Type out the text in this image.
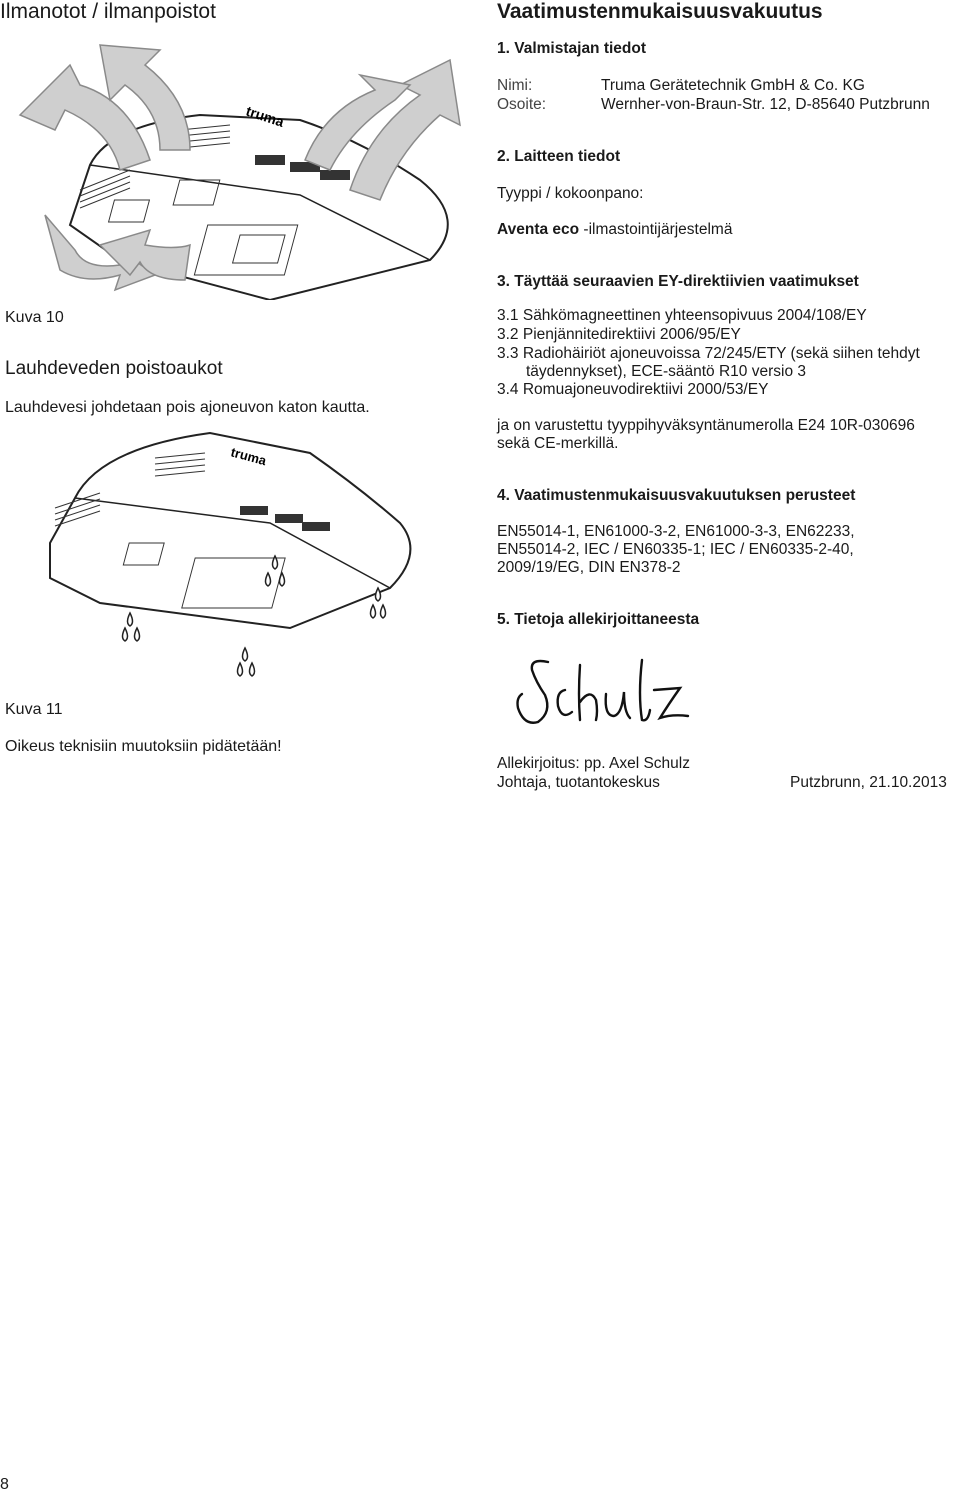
Ilmanotot / ilmanpoistot	Vaatimustenmukaisuusvakuutus
truma
Kuva 10
Lauhdeveden poistoaukot
Lauhdevesi johdetaan pois ajoneuvon katon kautta.
truma
Kuva 11
Oikeus teknisiin muutoksiin pidätetään!
1. Valmistajan tiedot
Nimi:	Truma Gerätetechnik GmbH & Co. KG
Osoite:	Wernher-von-Braun-Str. 12, D-85640 Putzbrunn
2. Laitteen tiedot
Tyyppi / kokoonpano:
Aventa eco -ilmastointijärjestelmä
3. Täyttää seuraavien EY-direktiivien vaatimukset
3.1 Sähkömagneettinen yhteensopivuus 2004/108/EY
3.2 Pienjännitedirektiivi 2006/95/EY
3.3 Radiohäiriöt ajoneuvoissa 72/245/ETY (sekä siihen tehdyt
täydennykset), ECE-sääntö R10 versio 3
3.4 Romuajoneuvodirektiivi 2000/53/EY
ja on varustettu tyyppihyväksyntänumerolla E24 10R-030696
sekä CE-merkillä.
4. Vaatimustenmukaisuusvakuutuksen perusteet
EN55014-1, EN61000-3-2, EN61000-3-3, EN62233,
EN55014-2, IEC / EN60335-1; IEC / EN60335-2-40,
2009/19/EG, DIN EN378-2
5. Tietoja allekirjoittaneesta
Allekirjoitus: pp. Axel Schulz
Johtaja, tuotantokeskus	Putzbrunn, 21.10.2013
8
